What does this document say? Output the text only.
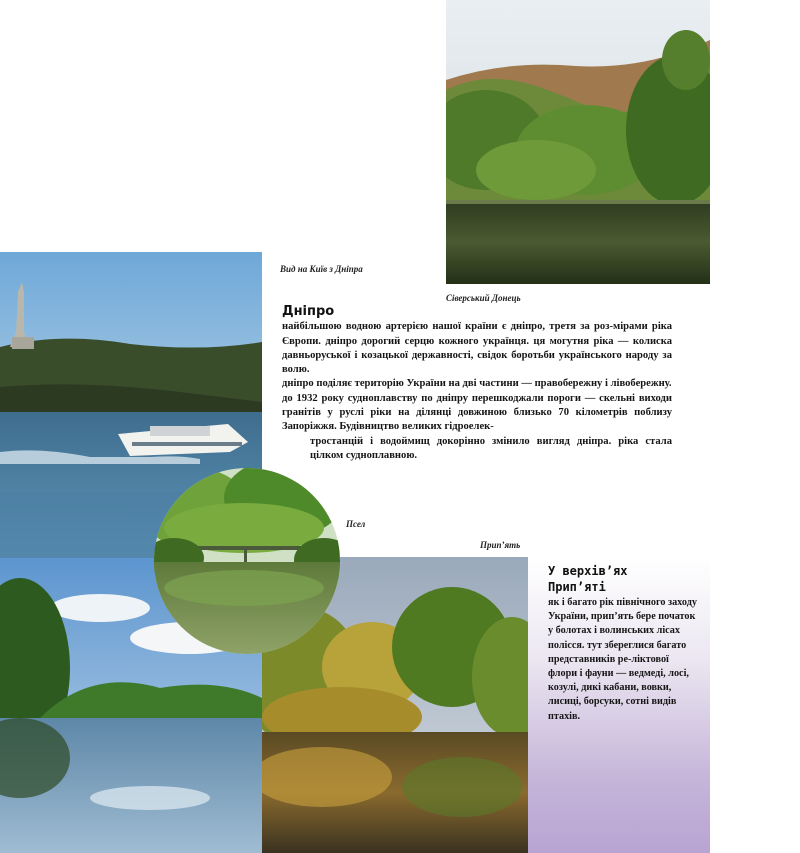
Вид на Київ з Дніпра
Сіверський Донець
Псел
Прип’ять
Дніпро

найбільшою водною артерією нашої країни є дніпро, третя за роз-мірами ріка Європи. дніпро дорогий серцю кожного українця. ця могутня ріка — колиска давньоруської і козацької державності, свідок боротьби українського народу за волю.

дніпро поділяє територію України на дві частини — правобережну і лівобережну.

до 1932 року судноплавству по дніпру перешкоджали пороги — скельні виходи гранітів у руслі ріки на ділянці довжиною близько 70 кілометрів поблизу Запоріжжя. Будівництво великих гідроелек-

тростанцій і водоймищ докорінно змінило вигляд дніпра. ріка стала цілком судноплавною.

У верхів’ях
Прип’яті

як і багато рік північного заходу України, прип’ять бере початок у болотах і волинських лісах полісся. тут збереглися багато представників ре-ліктової флори і фауни — ведмеді, лосі, козулі, дикі кабани, вовки, лисиці, борсуки, сотні видів птахів.
